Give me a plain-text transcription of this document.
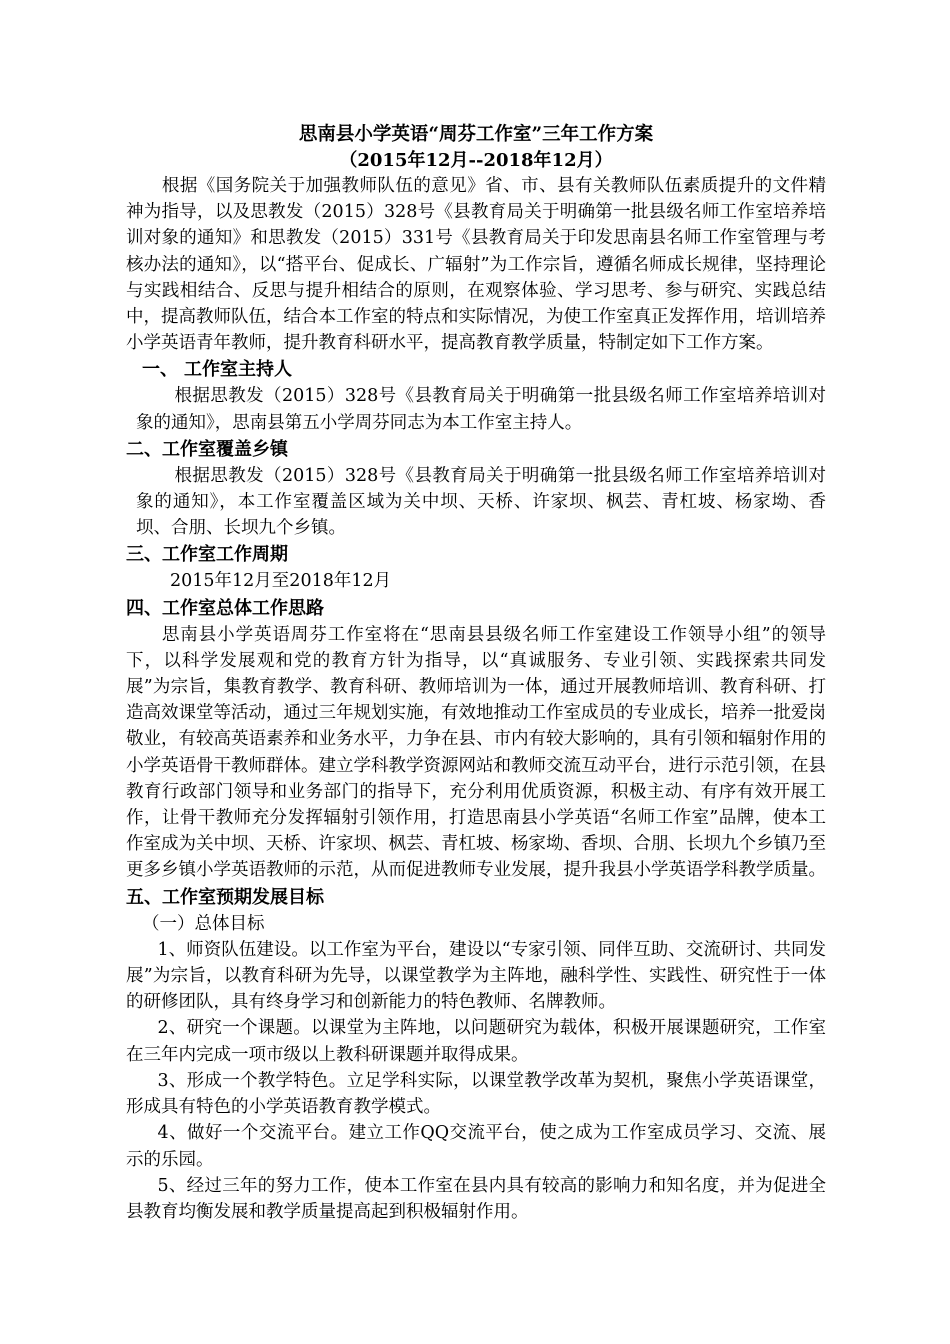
思南县小学英语“周芬工作室”三年工作方案
（2015年12月--2018年12月）

根据《国务院关于加强教师队伍的意见》省、市、县有关教师队伍素质提升的文件精神为指导，以及思教发（2015）328号《县教育局关于明确第一批县级名师工作室培养培训对象的通知》和思教发（2015）331号《县教育局关于印发思南县名师工作室管理与考核办法的通知》，以“搭平台、促成长、广辐射”为工作宗旨，遵循名师成长规律，坚持理论与实践相结合、反思与提升相结合的原则，在观察体验、学习思考、参与研究、实践总结中，提高教师队伍，结合本工作室的特点和实际情况，为使工作室真正发挥作用，培训培养小学英语青年教师，提升教育科研水平，提高教育教学质量，特制定如下工作方案。

一、 工作室主持人

根据思教发（2015）328号《县教育局关于明确第一批县级名师工作室培养培训对象的通知》，思南县第五小学周芬同志为本工作室主持人。

二、工作室覆盖乡镇

根据思教发（2015）328号《县教育局关于明确第一批县级名师工作室培养培训对象的通知》，本工作室覆盖区域为关中坝、天桥、许家坝、枫芸、青杠坡、杨家坳、香坝、合朋、长坝九个乡镇。

三、工作室工作周期

2015年12月至2018年12月

四、工作室总体工作思路

思南县小学英语周芬工作室将在“思南县县级名师工作室建设工作领导小组”的领导下，以科学发展观和党的教育方针为指导，以“真诚服务、专业引领、实践探索共同发展”为宗旨，集教育教学、教育科研、教师培训为一体，通过开展教师培训、教育科研、打造高效课堂等活动，通过三年规划实施，有效地推动工作室成员的专业成长，培养一批爱岗敬业，有较高英语素养和业务水平，力争在县、市内有较大影响的，具有引领和辐射作用的小学英语骨干教师群体。建立学科教学资源网站和教师交流互动平台，进行示范引领，在县教育行政部门领导和业务部门的指导下，充分利用优质资源，积极主动、有序有效开展工作，让骨干教师充分发挥辐射引领作用，打造思南县小学英语“名师工作室”品牌，使本工作室成为关中坝、天桥、许家坝、枫芸、青杠坡、杨家坳、香坝、合朋、长坝九个乡镇乃至更多乡镇小学英语教师的示范，从而促进教师专业发展，提升我县小学英语学科教学质量。

五、工作室预期发展目标
（一）总体目标

1、师资队伍建设。以工作室为平台，建设以“专家引领、同伴互助、交流研讨、共同发展”为宗旨，以教育科研为先导，以课堂教学为主阵地，融科学性、实践性、研究性于一体的研修团队，具有终身学习和创新能力的特色教师、名牌教师。

2、研究一个课题。以课堂为主阵地，以问题研究为载体，积极开展课题研究，工作室在三年内完成一项市级以上教科研课题并取得成果。

3、形成一个教学特色。立足学科实际，以课堂教学改革为契机，聚焦小学英语课堂，形成具有特色的小学英语教育教学模式。

4、做好一个交流平台。建立工作QQ交流平台，使之成为工作室成员学习、交流、展示的乐园。

5、经过三年的努力工作，使本工作室在县内具有较高的影响力和知名度，并为促进全县教育均衡发展和教学质量提高起到积极辐射作用。
